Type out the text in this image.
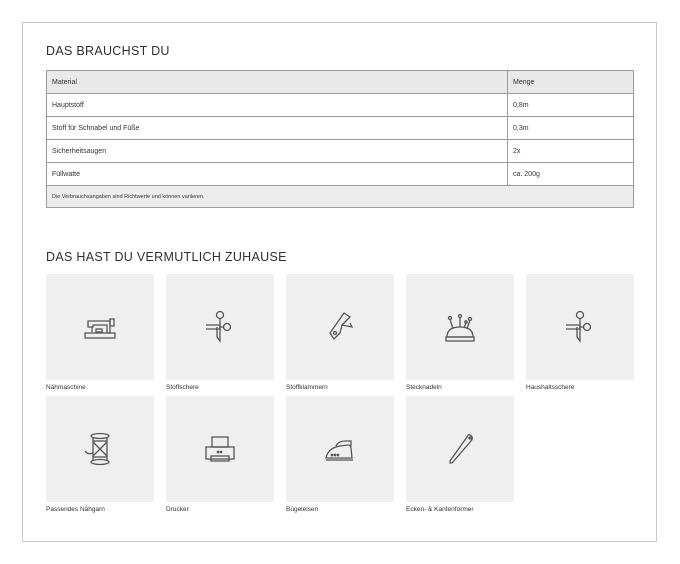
DAS BRAUCHST DU
Material	Menge
Hauptstoff	0,8m
Stoff für Schnabel und Füße	0,3m
Sicherheitsaugen	2x
Füllwatte	ca. 200g
Die Verbrauchsangaben sind Richtwerte und können variieren.	
DAS HAST DU VERMUTLICH ZUHAUSE
Nähmaschine	Stoffschere	Stoffklammern	Stecknadeln	Haushaltsschere
Passendes Nähgarn	Drucker	Bügeleisen	Ecken- & Kantenformer
